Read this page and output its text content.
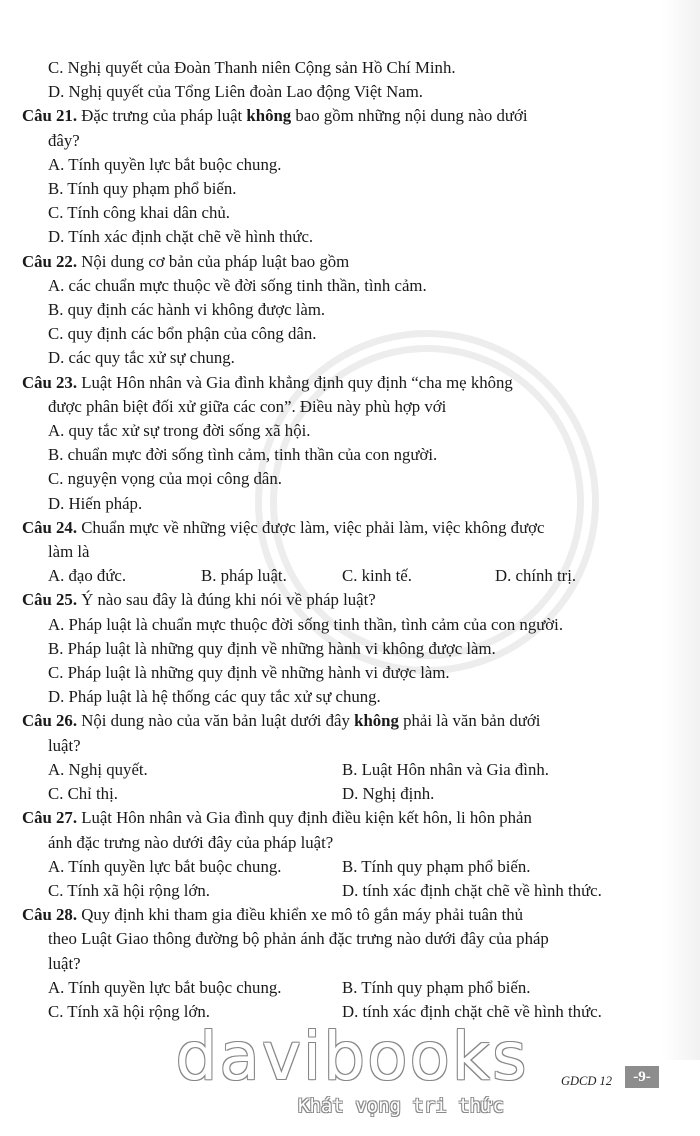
C. Nghị quyết của Đoàn Thanh niên Cộng sản Hồ Chí Minh.
D. Nghị quyết của Tổng Liên đoàn Lao động Việt Nam.
Câu 21. Đặc trưng của pháp luật không bao gồm những nội dung nào dưới
đây?
A. Tính quyền lực bắt buộc chung.
B. Tính quy phạm phổ biến.
C. Tính công khai dân chủ.
D. Tính xác định chặt chẽ về hình thức.
Câu 22. Nội dung cơ bản của pháp luật bao gồm
A. các chuẩn mực thuộc về đời sống tinh thần, tình cảm.
B. quy định các hành vi không được làm.
C. quy định các bổn phận của công dân.
D. các quy tắc xử sự chung.
Câu 23. Luật Hôn nhân và Gia đình khẳng định quy định “cha mẹ không
được phân biệt đối xử giữa các con”. Điều này phù hợp với
A. quy tắc xử sự trong đời sống xã hội.
B. chuẩn mực đời sống tình cảm, tinh thần của con người.
C. nguyện vọng của mọi công dân.
D. Hiến pháp.
Câu 24. Chuẩn mực về những việc được làm, việc phải làm, việc không được
làm là
A. đạo đức.	B. pháp luật.	C. kinh tế.	D. chính trị.
Câu 25. Ý nào sau đây là đúng khi nói về pháp luật?
A. Pháp luật là chuẩn mực thuộc đời sống tinh thần, tình cảm của con người.
B. Pháp luật là những quy định về những hành vi không được làm.
C. Pháp luật là những quy định về những hành vi được làm.
D. Pháp luật là hệ thống các quy tắc xử sự chung.
Câu 26. Nội dung nào của văn bản luật dưới đây không phải là văn bản dưới
luật?
A. Nghị quyết.	B. Luật Hôn nhân và Gia đình.
C. Chỉ thị.	D. Nghị định.
Câu 27. Luật Hôn nhân và Gia đình quy định điều kiện kết hôn, li hôn phản
ánh đặc trưng nào dưới đây của pháp luật?
A. Tính quyền lực bắt buộc chung.	B. Tính quy phạm phổ biến.
C. Tính xã hội rộng lớn.	D. tính xác định chặt chẽ về hình thức.
Câu 28. Quy định khi tham gia điều khiển xe mô tô gắn máy phải tuân thủ
theo Luật Giao thông đường bộ phản ánh đặc trưng nào dưới đây của pháp
luật?
A. Tính quyền lực bắt buộc chung.	B. Tính quy phạm phổ biến.
C. Tính xã hội rộng lớn.	D. tính xác định chặt chẽ về hình thức.
davibooks
Khát vọng tri thức
GDCD 12	-9-
